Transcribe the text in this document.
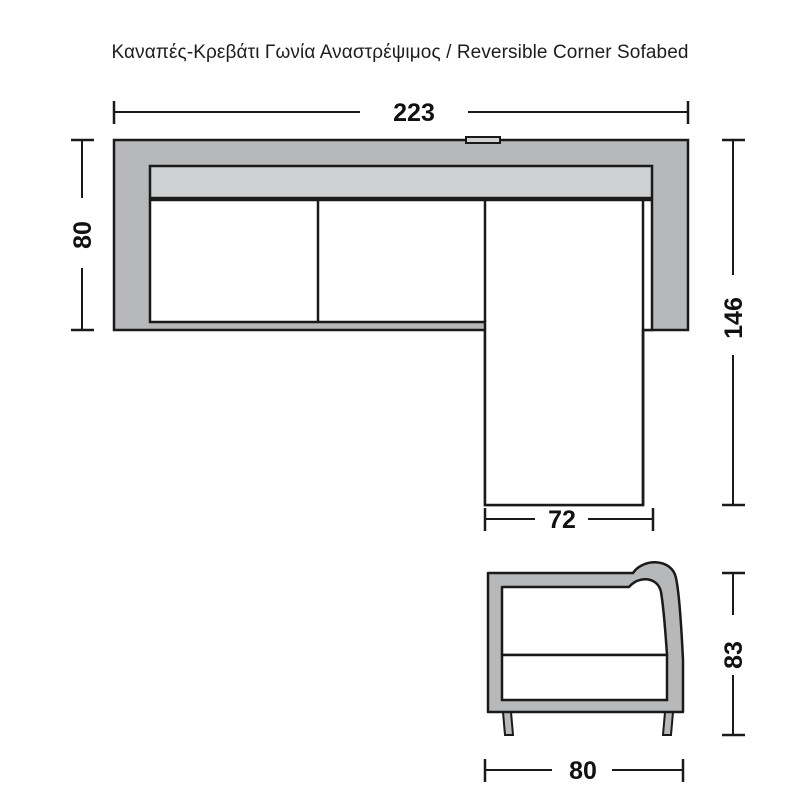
Καναπές-Κρεβάτι Γωνία Αναστρέψιμος / Reversible Corner Sofabed
223
80
146
72
83
80
